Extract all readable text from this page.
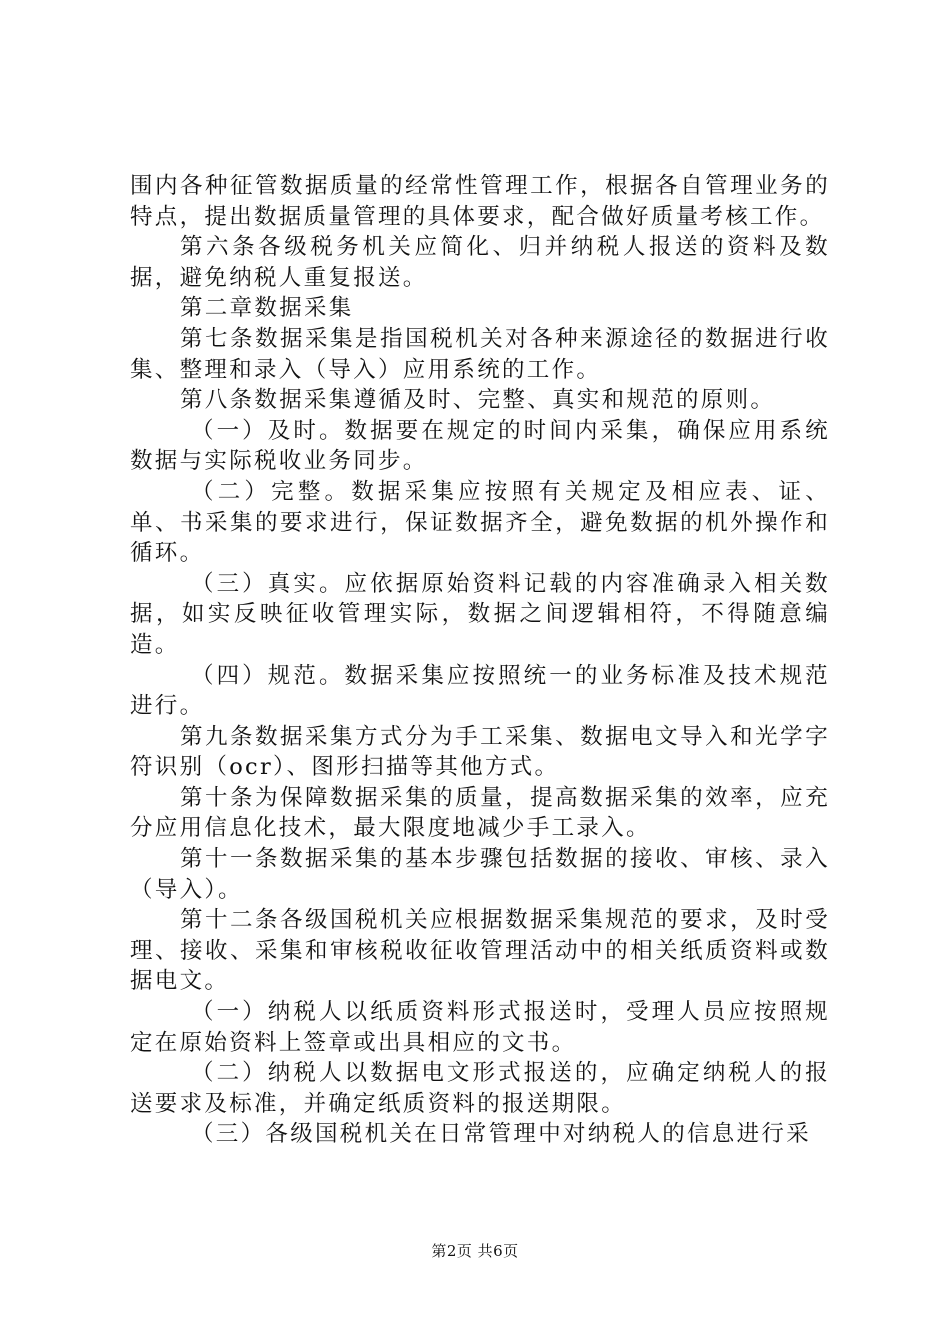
围内各种征管数据质量的经常性管理工作，根据各自管理业务的特点，提出数据质量管理的具体要求，配合做好质量考核工作。

第六条各级税务机关应简化、归并纳税人报送的资料及数据，避免纳税人重复报送。

第二章数据采集

第七条数据采集是指国税机关对各种来源途径的数据进行收集、整理和录入（导入）应用系统的工作。

第八条数据采集遵循及时、完整、真实和规范的原则。

（一）及时。数据要在规定的时间内采集，确保应用系统数据与实际税收业务同步。

（二）完整。数据采集应按照有关规定及相应表、证、单、书采集的要求进行，保证数据齐全，避免数据的机外操作和循环。

（三）真实。应依据原始资料记载的内容准确录入相关数据，如实反映征收管理实际，数据之间逻辑相符，不得随意编造。

（四）规范。数据采集应按照统一的业务标准及技术规范进行。

第九条数据采集方式分为手工采集、数据电文导入和光学字符识别（ocr）、图形扫描等其他方式。

第十条为保障数据采集的质量，提高数据采集的效率，应充分应用信息化技术，最大限度地减少手工录入。

第十一条数据采集的基本步骤包括数据的接收、审核、录入（导入）。

第十二条各级国税机关应根据数据采集规范的要求，及时受理、接收、采集和审核税收征收管理活动中的相关纸质资料或数据电文。

（一）纳税人以纸质资料形式报送时，受理人员应按照规定在原始资料上签章或出具相应的文书。

（二）纳税人以数据电文形式报送的，应确定纳税人的报送要求及标准，并确定纸质资料的报送期限。

（三）各级国税机关在日常管理中对纳税人的信息进行采

第2页 共6页
